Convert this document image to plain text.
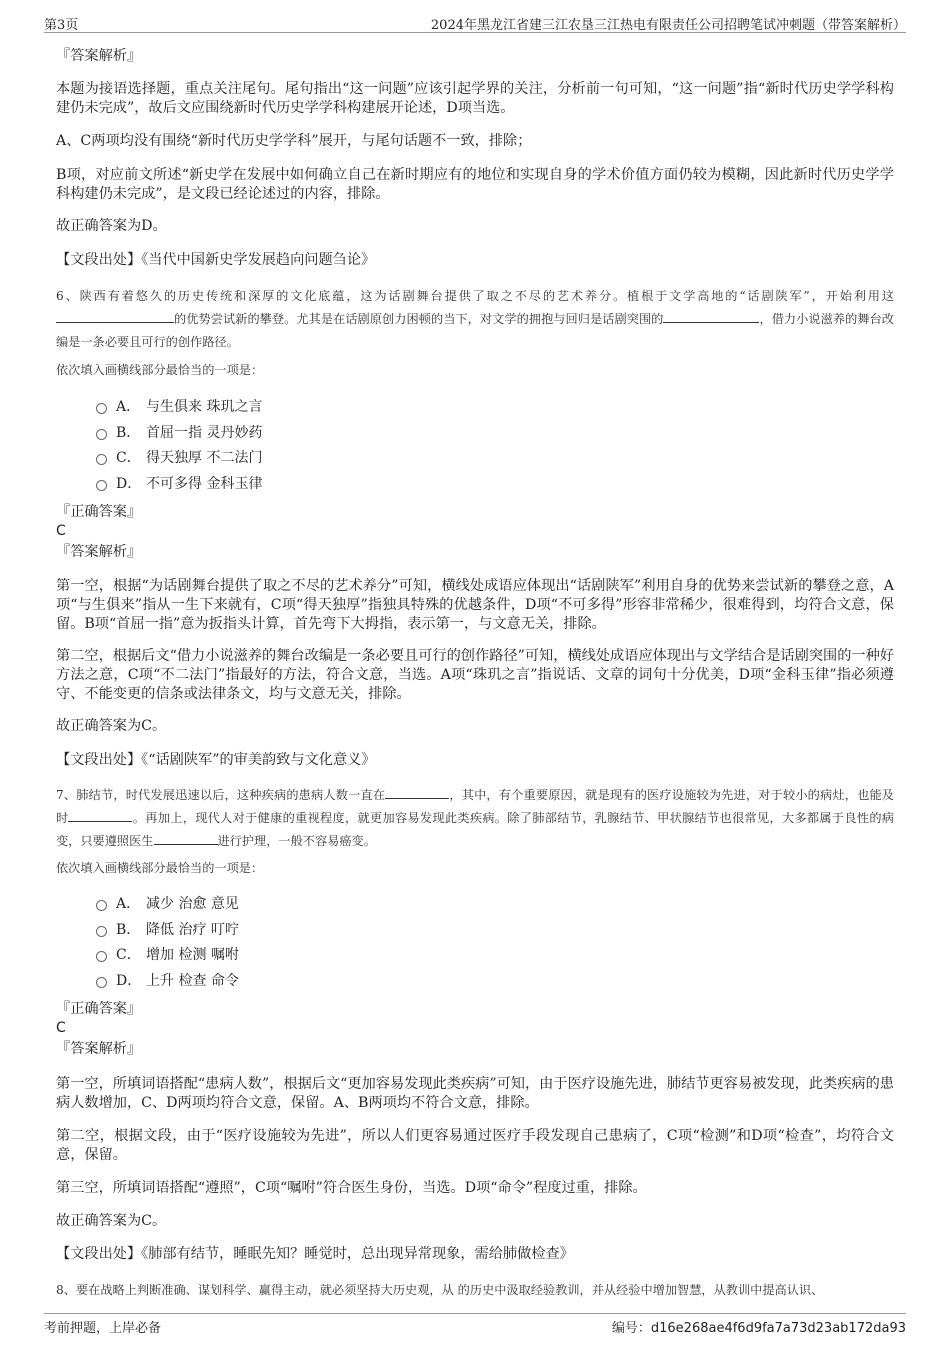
第3页	2024年黑龙江省建三江农垦三江热电有限责任公司招聘笔试冲刺题（带答案解析）

『答案解析』

本题为接语选择题，重点关注尾句。尾句指出“这一问题”应该引起学界的关注，分析前一句可知，“这一问题”指“新时代历史学学科构建仍未完成”，故后文应围绕新时代历史学学科构建展开论述，D项当选。

A、C两项均没有围绕“新时代历史学学科”展开，与尾句话题不一致，排除；

B项，对应前文所述“新史学在发展中如何确立自己在新时期应有的地位和实现自身的学术价值方面仍较为模糊，因此新时代历史学学科构建仍未完成”，是文段已经论述过的内容，排除。

故正确答案为D。

【文段出处】《当代中国新史学发展趋向问题刍论》

6、陕西有着悠久的历史传统和深厚的文化底蕴，这为话剧舞台提供了取之不尽的艺术养分。植根于文学高地的“话剧陕军”，开始利用这的优势尝试新的攀登。尤其是在话剧原创力困顿的当下，对文学的拥抱与回归是话剧突围的	，借力小说滋养的舞台改编是一条必要且可行的创作路径。

依次填入画横线部分最恰当的一项是：

A． 与生俱来 珠玑之言
B． 首屈一指 灵丹妙药
C． 得天独厚 不二法门
D． 不可多得 金科玉律

『正确答案』

C

『答案解析』

第一空，根据“为话剧舞台提供了取之不尽的艺术养分”可知，横线处成语应体现出“话剧陕军”利用自身的优势来尝试新的攀登之意，A项“与生俱来”指从一生下来就有，C项“得天独厚”指独具特殊的优越条件，D项“不可多得”形容非常稀少，很难得到，均符合文意，保留。B项“首屈一指”意为扳指头计算，首先弯下大拇指，表示第一，与文意无关，排除。

第二空，根据后文“借力小说滋养的舞台改编是一条必要且可行的创作路径”可知，横线处成语应体现出与文学结合是话剧突围的一种好方法之意，C项“不二法门”指最好的方法，符合文意，当选。A项“珠玑之言”指说话、文章的词句十分优美，D项“金科玉律”指必须遵守、不能变更的信条或法律条文，均与文意无关，排除。

故正确答案为C。

【文段出处】《“话剧陕军”的审美韵致与文化意义》

7、肺结节，时代发展迅速以后，这种疾病的患病人数一直在	，其中，有个重要原因，就是现有的医疗设施较为先进，对于较小的病灶，也能及时	。再加上，现代人对于健康的重视程度，就更加容易发现此类疾病。除了肺部结节，乳腺结节、甲状腺结节也很常见，大多都属于良性的病变，只要遵照医生	进行护理，一般不容易癌变。

依次填入画横线部分最恰当的一项是：

A． 减少 治愈 意见
B． 降低 治疗 叮咛
C． 增加 检测 嘱咐
D． 上升 检查 命令

『正确答案』

C

『答案解析』

第一空，所填词语搭配“患病人数”，根据后文“更加容易发现此类疾病”可知，由于医疗设施先进，肺结节更容易被发现，此类疾病的患病人数增加，C、D两项均符合文意，保留。A、B两项均不符合文意，排除。

第二空，根据文段，由于“医疗设施较为先进”，所以人们更容易通过医疗手段发现自己患病了，C项“检测”和D项“检查”，均符合文意，保留。

第三空，所填词语搭配“遵照”，C项“嘱咐”符合医生身份，当选。D项“命令”程度过重，排除。

故正确答案为C。

【文段出处】《肺部有结节，睡眠先知？睡觉时，总出现异常现象，需给肺做检查》

8、要在战略上判断准确、谋划科学、赢得主动，就必须坚持大历史观，从 的历史中汲取经验教训，并从经验中增加智慧，从教训中提高认识、

考前押题，上岸必备	编号：d16e268ae4f6d9fa7a73d23ab172da93
